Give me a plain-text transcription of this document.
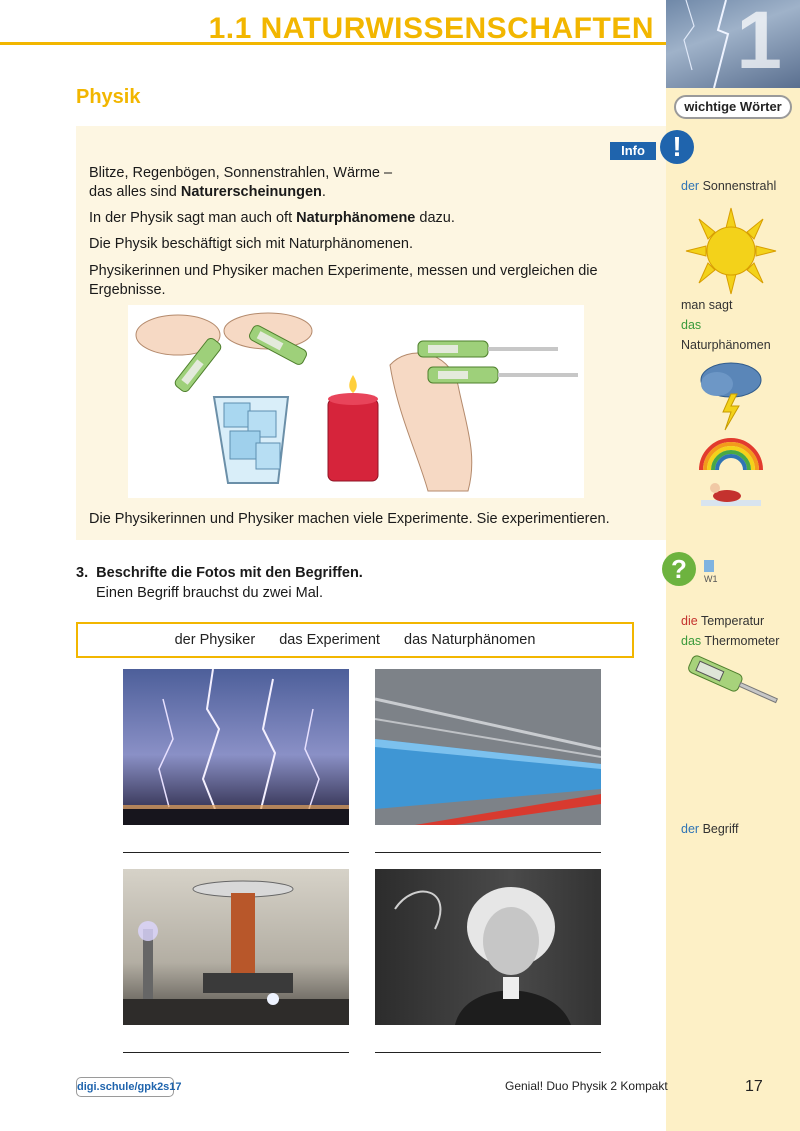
1.1 NATURWISSENSCHAFTEN 1
wichtige Wörter
der Sonnenstrahl
man sagt
das
Naturphänomen
die Temperatur
das Thermometer
der Begriff
Physik
Info !
Blitze, Regenbögen, Sonnenstrahlen, Wärme –
das alles sind Naturerscheinungen.
In der Physik sagt man auch oft Naturphänomene dazu.
Die Physik beschäftigt sich mit Naturphänomenen.
Physikerinnen und Physiker machen Experimente, messen und vergleichen die Ergebnisse.
Die Physikerinnen und Physiker machen viele Experimente. Sie experimentieren.
3. Beschrifte die Fotos mit den Begriffen.
Einen Begriff brauchst du zwei Mal.
?	W1
der Physiker das Experiment das Naturphänomen
digi.schule/gpk2s17	Genial! Duo Physik 2 Kompakt	17
